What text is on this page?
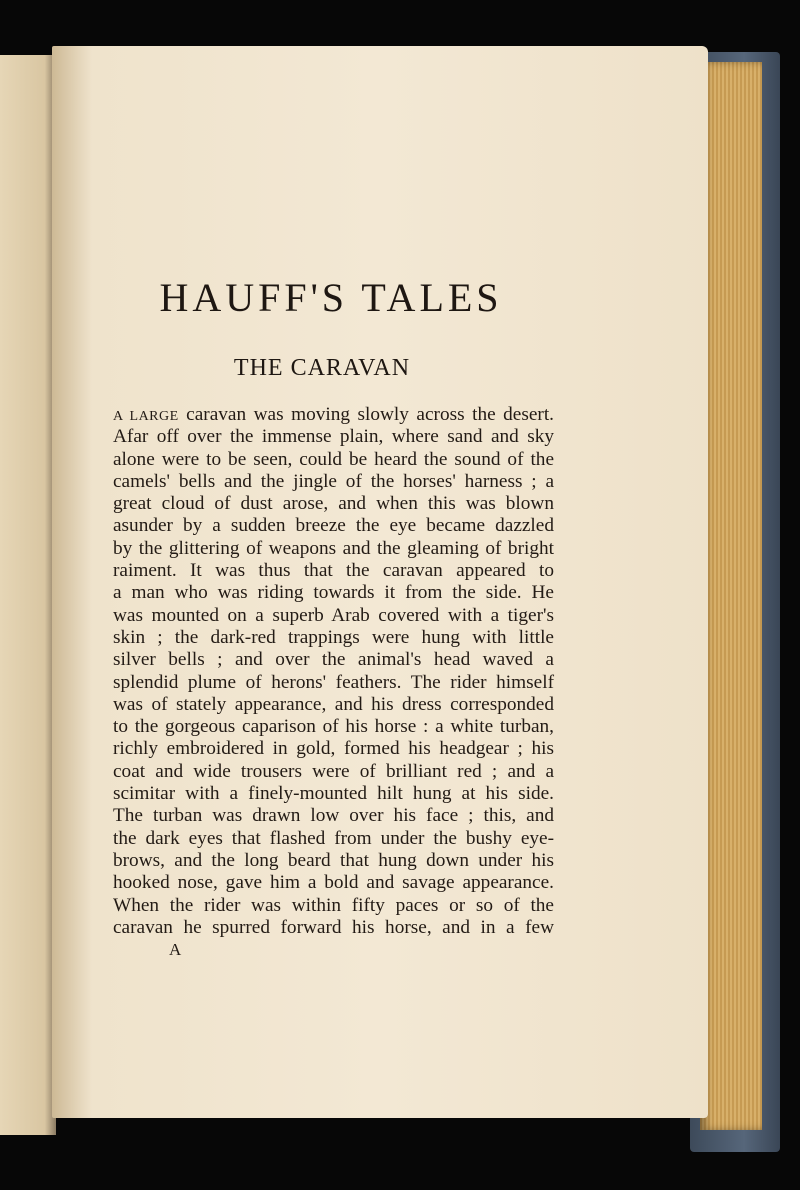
HAUFF'S TALES
THE CARAVAN
A LARGE caravan was moving slowly across the desert.
Afar off over the immense plain, where sand and sky
alone were to be seen, could be heard the sound of the
camels' bells and the jingle of the horses' harness ; a
great cloud of dust arose, and when this was blown
asunder by a sudden breeze the eye became dazzled
by the glittering of weapons and the gleaming of bright
raiment. It was thus that the caravan appeared to
a man who was riding towards it from the side. He
was mounted on a superb Arab covered with a tiger's
skin ; the dark-red trappings were hung with little
silver bells ; and over the animal's head waved a
splendid plume of herons' feathers. The rider himself
was of stately appearance, and his dress corresponded
to the gorgeous caparison of his horse : a white turban,
richly embroidered in gold, formed his headgear ; his
coat and wide trousers were of brilliant red ; and a
scimitar with a finely-mounted hilt hung at his side.
The turban was drawn low over his face ; this, and
the dark eyes that flashed from under the bushy eye-
brows, and the long beard that hung down under his
hooked nose, gave him a bold and savage appearance.
When the rider was within fifty paces or so of the
caravan he spurred forward his horse, and in a few
A
